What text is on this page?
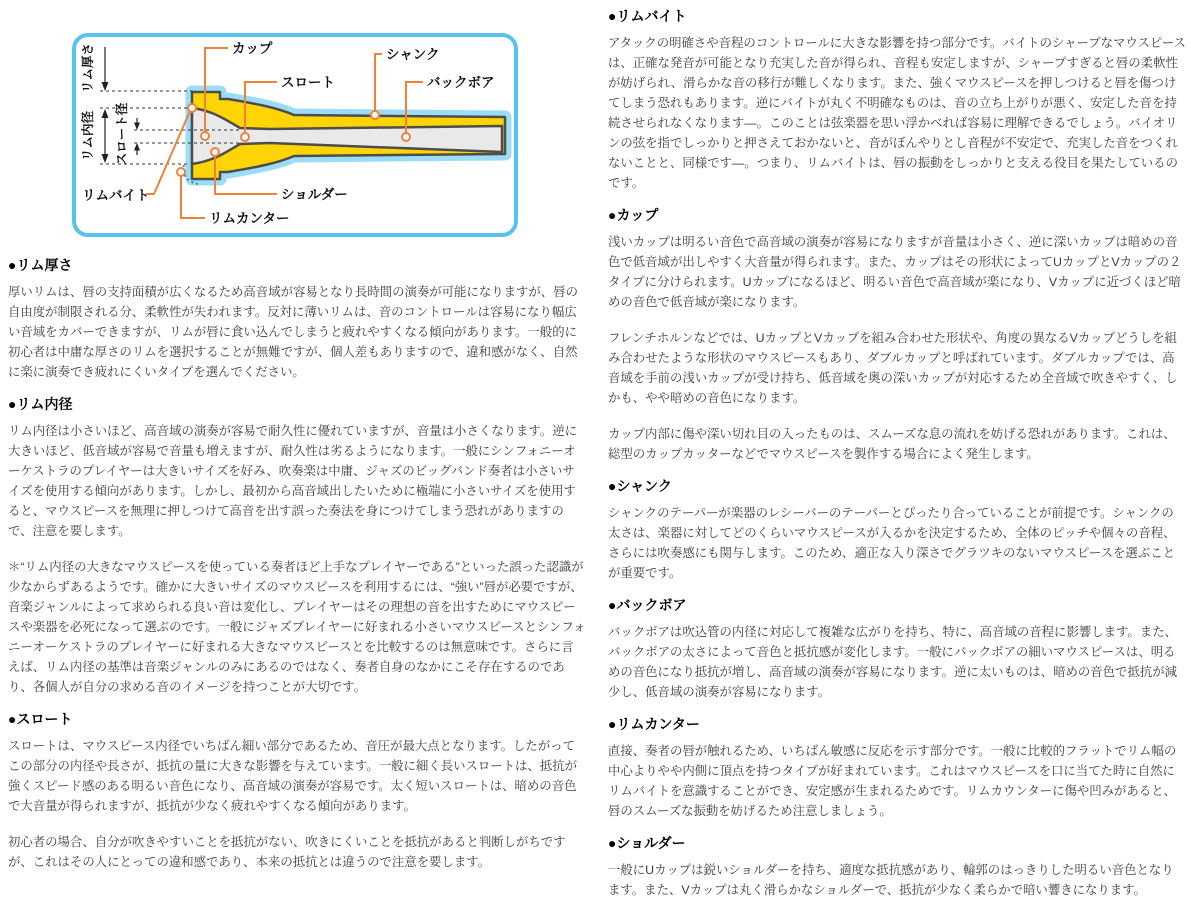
リム厚さ
リム内径 スロート径
カップ
スロート
シャンク
バックボア
リムバイト	ショルダー
リムカンター
●リム厚さ

厚いリムは、唇の支持面積が広くなるため高音域が容易となり長時間の演奏が可能になりますが、唇の自由度が制限される分、柔軟性が失われます。反対に薄いリムは、音のコントロールは容易になり幅広い音域をカバーできますが、リムが唇に食い込んでしまうと疲れやすくなる傾向があります。一般的に初心者は中庸な厚さのリムを選択することが無難ですが、個人差もありますので、違和感がなく、自然に楽に演奏でき疲れにくいタイプを選んでください。

●リム内径

リム内径は小さいほど、高音域の演奏が容易で耐久性に優れていますが、音量は小さくなります。逆に大きいほど、低音域が容易で音量も増えますが、耐久性は劣るようになります。一般にシンフォニーオーケストラのプレイヤーは大きいサイズを好み、吹奏楽は中庸、ジャズのビッグバンド奏者は小さいサイズを使用する傾向があります。しかし、最初から高音域出したいために極端に小さいサイズを使用すると、マウスピースを無理に押しつけて高音を出す誤った奏法を身につけてしまう恐れがありますので、注意を要します。

＊“リム内径の大きなマウスピースを使っている奏者ほど上手なプレイヤーである”といった誤った認識が少なからずあるようです。確かに大きいサイズのマウスピースを利用するには、“強い”唇が必要ですが、音楽ジャンルによって求められる良い音は変化し、プレイヤーはその理想の音を出すためにマウスピースや楽器を必死になって選ぶのです。一般にジャズプレイヤーに好まれる小さいマウスピースとシンフォニーオーケストラのプレイヤーに好まれる大きなマウスピースとを比較するのは無意味です。さらに言えば、リム内径の基準は音楽ジャンルのみにあるのではなく、奏者自身のなかにこそ存在するのであり、各個人が自分の求める音のイメージを持つことが大切です。

●スロート

スロートは、マウスピース内径でいちばん細い部分であるため、音圧が最大点となります。したがってこの部分の内径や長さが、抵抗の量に大きな影響を与えています。一般に細く長いスロートは、抵抗が強くスピード感のある明るい音色になり、高音域の演奏が容易です。太く短いスロートは、暗めの音色で大音量が得られますが、抵抗が少なく疲れやすくなる傾向があります。

初心者の場合、自分が吹きやすいことを抵抗がない、吹きにくいことを抵抗があると判断しがちですが、これはその人にとっての違和感であり、本来の抵抗とは違うので注意を要します。

●リムバイト

アタックの明確さや音程のコントロールに大きな影響を持つ部分です。バイトのシャープなマウスピースは、正確な発音が可能となり充実した音が得られ、音程も安定しますが、シャープすぎると唇の柔軟性が妨げられ、滑らかな音の移行が難しくなります。また、強くマウスピースを押しつけると唇を傷つけてしまう恐れもあります。逆にバイトが丸く不明確なものは、音の立ち上がりが悪く、安定した音を持続させられなくなります―。このことは弦楽器を思い浮かべれば容易に理解できるでしょう。バイオリンの弦を指でしっかりと押さえておかないと、音がぼんやりとし音程が不安定で、充実した音をつくれないことと、同様です―。つまり、リムバイトは、唇の振動をしっかりと支える役目を果たしているのです。

●カップ

浅いカップは明るい音色で高音域の演奏が容易になりますが音量は小さく、逆に深いカップは暗めの音色で低音域が出しやすく大音量が得られます。また、カップはその形状によってUカップとVカップの２タイプに分けられます。Uカップになるほど、明るい音色で高音域が楽になり、Vカップに近づくほど暗めの音色で低音域が楽になります。

フレンチホルンなどでは、UカップとVカップを組み合わせた形状や、角度の異なるVカップどうしを組み合わせたような形状のマウスピースもあり、ダブルカップと呼ばれています。ダブルカップでは、高音域を手前の浅いカップが受け持ち、低音域を奥の深いカップが対応するため全音域で吹きやすく、しかも、やや暗めの音色になります。

カップ内部に傷や深い切れ目の入ったものは、スムーズな息の流れを妨げる恐れがあります。これは、総型のカップカッターなどでマウスピースを製作する場合によく発生します。

●シャンク

シャンクのテーパーが楽器のレシーバーのテーパーとぴったり合っていることが前提です。シャンクの太さは、楽器に対してどのくらいマウスピースが入るかを決定するため、全体のピッチや個々の音程、さらには吹奏感にも関与します。このため、適正な入り深さでグラツキのないマウスピースを選ぶことが重要です。

●バックボア

バックボアは吹込管の内径に対応して複雑な広がりを持ち、特に、高音域の音程に影響します。また、バックボアの太さによって音色と抵抗感が変化します。一般にバックボアの細いマウスピースは、明るめの音色になり抵抗が増し、高音域の演奏が容易になります。逆に太いものは、暗めの音色で抵抗が減少し、低音域の演奏が容易になります。

●リムカンター

直接、奏者の唇が触れるため、いちばん敏感に反応を示す部分です。一般に比較的フラットでリム幅の中心よりやや内側に頂点を持つタイプが好まれています。これはマウスピースを口に当てた時に自然にリムバイトを意識することができ、安定感が生まれるためです。リムカウンターに傷や凹みがあると、唇のスムーズな振動を妨げるため注意しましょう。

●ショルダー

一般にUカップは鋭いショルダーを持ち、適度な抵抗感があり、輪郭のはっきりした明るい音色となります。また、Vカップは丸く滑らかなショルダーで、抵抗が少なく柔らかで暗い響きになります。
